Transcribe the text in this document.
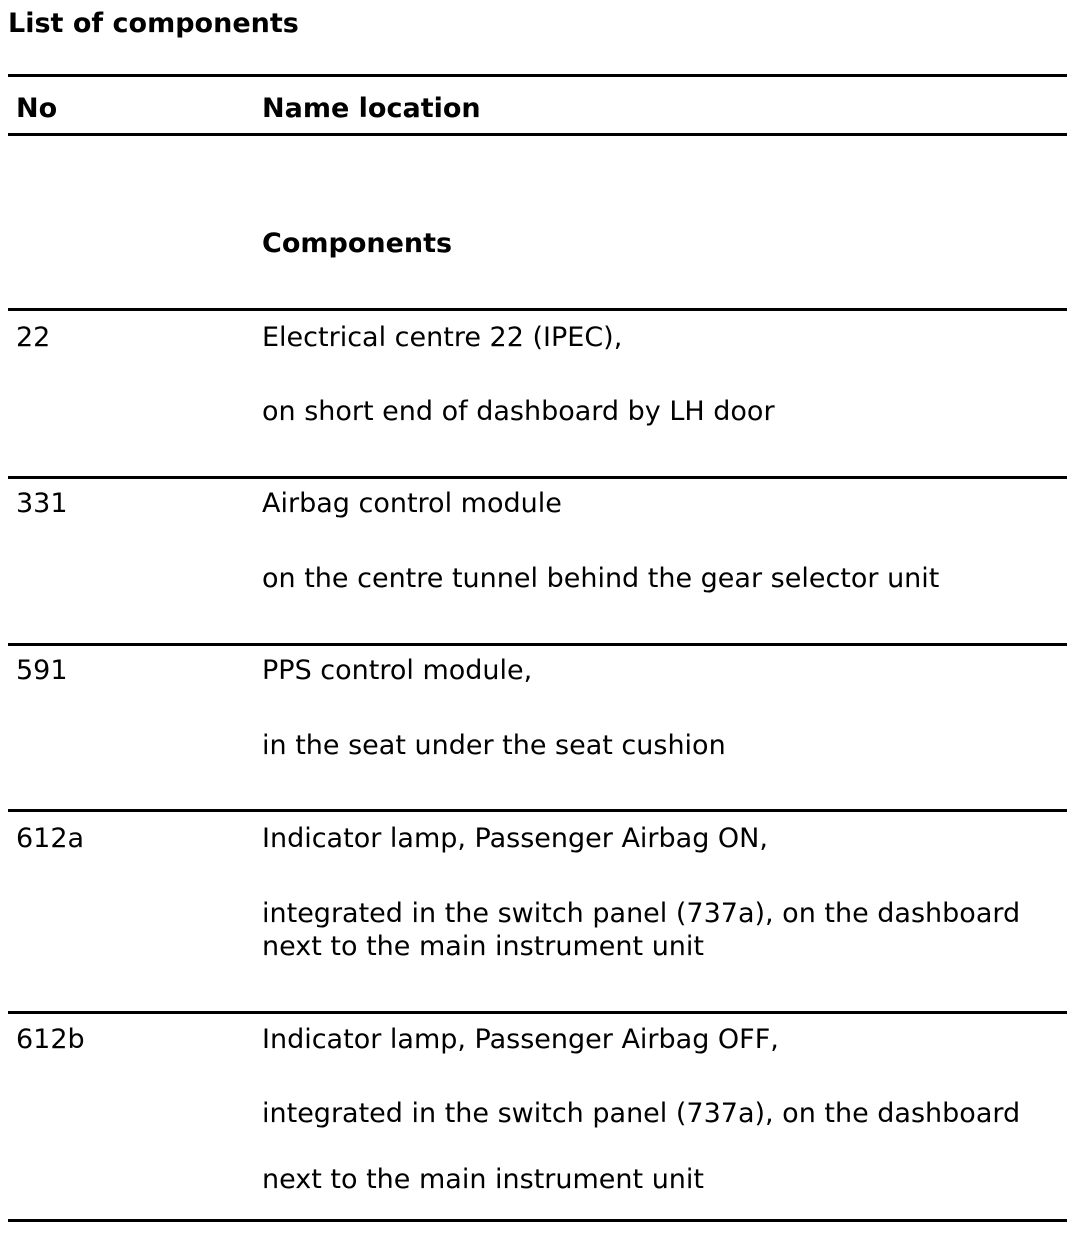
List of components
No	Name location
Components
22	Electrical centre 22 (IPEC),
on short end of dashboard by LH door
331	Airbag control module
on the centre tunnel behind the gear selector unit
591	PPS control module,
in the seat under the seat cushion
612a	Indicator lamp, Passenger Airbag ON,
integrated in the switch panel (737a), on the dashboard
next to the main instrument unit
612b	Indicator lamp, Passenger Airbag OFF,
integrated in the switch panel (737a), on the dashboard
next to the main instrument unit
